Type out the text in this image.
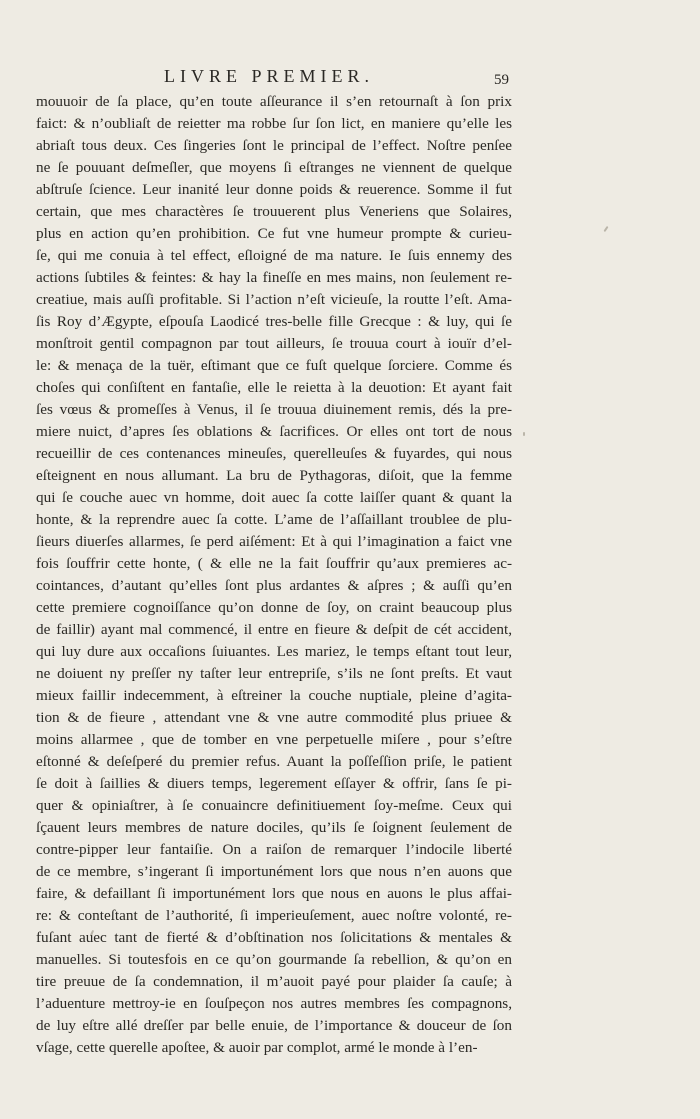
LIVRE PREMIER.	59
mouuoir de ſa place, qu’en toute aſſeurance il s’en retournaſt à ſon prix
faict: & n’oubliaſt de reietter ma robbe ſur ſon lict, en maniere qu’elle les
abriaſt tous deux. Ces ſingeries ſont le principal de l’effect. Noſtre penſee
ne ſe pouuant deſmeſler, que moyens ſi eſtranges ne viennent de quelque
abſtruſe ſcience. Leur inanité leur donne poids & reuerence. Somme il fut
certain, que mes charactères ſe trouuerent plus Veneriens que Solaires,
plus en action qu’en prohibition. Ce fut vne humeur prompte & curieu-
ſe, qui me conuia à tel effect, eſloigné de ma nature. Ie ſuis ennemy des
actions ſubtiles & feintes: & hay la fineſſe en mes mains, non ſeulement re-
creatiue, mais auſſi profitable. Si l’action n’eſt vicieuſe, la routte l’eſt. Ama-
ſis Roy d’Ægypte, eſpouſa Laodicé tres-belle fille Grecque : & luy, qui ſe
monſtroit gentil compagnon par tout ailleurs, ſe trouua court à iouïr d’el-
le: & menaça de la tuër, eſtimant que ce fuſt quelque ſorciere. Comme és
choſes qui conſiſtent en fantaſie, elle le reietta à la deuotion: Et ayant fait
ſes vœus & promeſſes à Venus, il ſe trouua diuinement remis, dés la pre-
miere nuict, d’apres ſes oblations & ſacrifices. Or elles ont tort de nous
recueillir de ces contenances mineuſes, querelleuſes & fuyardes, qui nous
eſteignent en nous allumant. La bru de Pythagoras, diſoit, que la femme
qui ſe couche auec vn homme, doit auec ſa cotte laiſſer quant & quant la
honte, & la reprendre auec ſa cotte. L’ame de l’aſſaillant troublee de plu-
ſieurs diuerſes allarmes, ſe perd aiſément: Et à qui l’imagination a faict vne
fois ſouffrir cette honte, ( & elle ne la fait ſouffrir qu’aux premieres ac-
cointances, d’autant qu’elles ſont plus ardantes & aſpres ; & auſſi qu’en
cette premiere cognoiſſance qu’on donne de ſoy, on craint beaucoup plus
de faillir) ayant mal commencé, il entre en fieure & deſpit de cét accident,
qui luy dure aux occaſions ſuiuantes. Les mariez, le temps eſtant tout leur,
ne doiuent ny preſſer ny taſter leur entrepriſe, s’ils ne ſont preſts. Et vaut
mieux faillir indecemment, à eſtreiner la couche nuptiale, pleine d’agita-
tion & de fieure , attendant vne & vne autre commodité plus priuee &
moins allarmee , que de tomber en vne perpetuelle miſere , pour s’eſtre
eſtonné & deſeſperé du premier refus. Auant la poſſeſſion priſe, le patient
ſe doit à ſaillies & diuers temps, legerement eſſayer & offrir, ſans ſe pi-
quer & opiniaſtrer, à ſe conuaincre definitiuement ſoy-meſme. Ceux qui
ſçauent leurs membres de nature dociles, qu’ils ſe ſoignent ſeulement de
contre-pipper leur fantaiſie. On a raiſon de remarquer l’indocile liberté
de ce membre, s’ingerant ſi importunément lors que nous n’en auons que
faire, & defaillant ſi importunément lors que nous en auons le plus affai-
re: & conteſtant de l’authorité, ſi imperieuſement, auec noſtre volonté, re-
fuſant auec tant de fierté & d’obſtination nos ſolicitations & mentales &
manuelles. Si toutesfois en ce qu’on gourmande ſa rebellion, & qu’on en
tire preuue de ſa condemnation, il m’auoit payé pour plaider ſa cauſe; à
l’aduenture mettroy-ie en ſouſpeçon nos autres membres ſes compagnons,
de luy eſtre allé dreſſer par belle enuie, de l’importance & douceur de ſon
vſage, cette querelle apoſtee, & auoir par complot, armé le monde à l’en-
